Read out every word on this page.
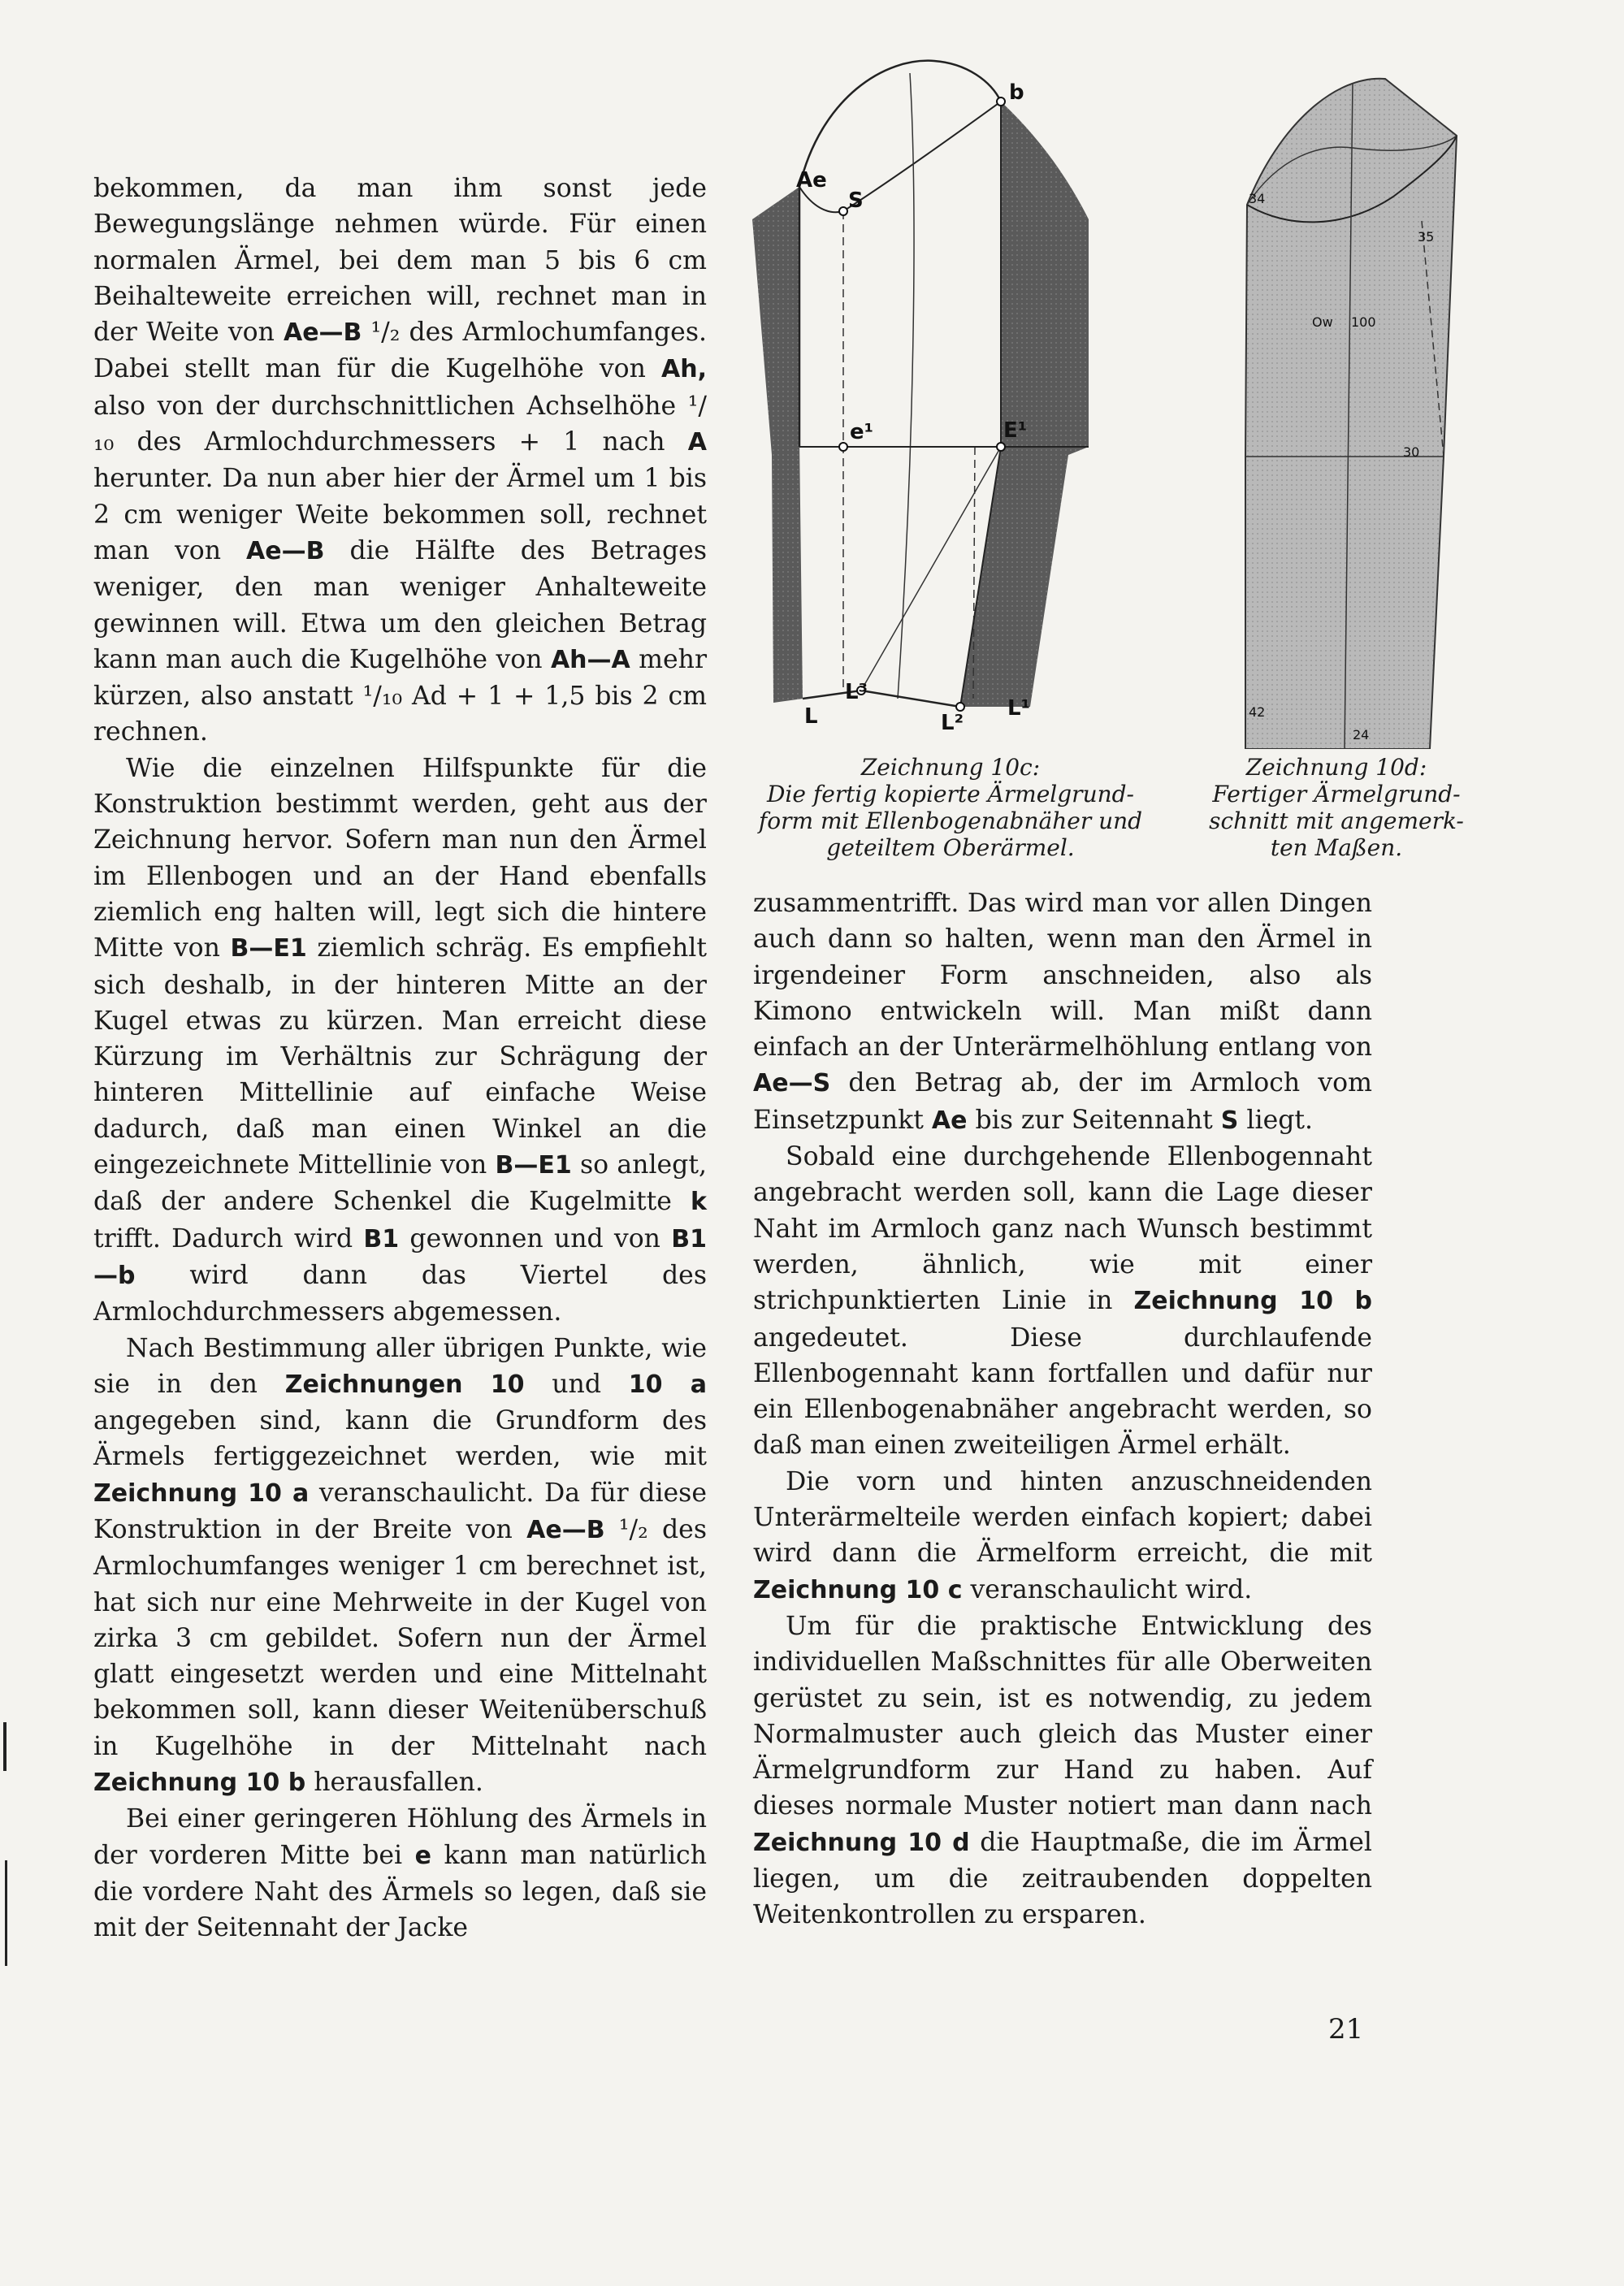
bekommen, da man ihm sonst jede Bewegungslänge nehmen würde. Für einen normalen Ärmel, bei dem man 5 bis 6 cm Beihalteweite erreichen will, rechnet man in der Weite von Ae—B ¹/₂ des Armlochumfanges. Dabei stellt man für die Kugelhöhe von Ah, also von der durchschnittlichen Achselhöhe ¹/₁₀ des Armlochdurchmessers + 1 nach A herunter. Da nun aber hier der Ärmel um 1 bis 2 cm weniger Weite bekommen soll, rechnet man von Ae—B die Hälfte des Betrages weniger, den man weniger Anhalteweite gewinnen will. Etwa um den gleichen Betrag kann man auch die Kugelhöhe von Ah—A mehr kürzen, also anstatt ¹/₁₀ Ad + 1 + 1,5 bis 2 cm rechnen.

Wie die einzelnen Hilfspunkte für die Konstruktion bestimmt werden, geht aus der Zeichnung hervor. Sofern man nun den Ärmel im Ellenbogen und an der Hand ebenfalls ziemlich eng halten will, legt sich die hintere Mitte von B—E1 ziemlich schräg. Es empfiehlt sich deshalb, in der hinteren Mitte an der Kugel etwas zu kürzen. Man erreicht diese Kürzung im Verhältnis zur Schrägung der hinteren Mittellinie auf einfache Weise dadurch, daß man einen Winkel an die eingezeichnete Mittellinie von B—E1 so anlegt, daß der andere Schenkel die Kugelmitte k trifft. Dadurch wird B1 gewonnen und von B1—b wird dann das Viertel des Armlochdurchmessers abgemessen.

Nach Bestimmung aller übrigen Punkte, wie sie in den Zeichnungen 10 und 10 a angegeben sind, kann die Grundform des Ärmels fertiggezeichnet werden, wie mit Zeichnung 10 a veranschaulicht. Da für diese Konstruktion in der Breite von Ae—B ¹/₂ des Armlochumfanges weniger 1 cm berechnet ist, hat sich nur eine Mehrweite in der Kugel von zirka 3 cm gebildet. Sofern nun der Ärmel glatt eingesetzt werden und eine Mittelnaht bekommen soll, kann dieser Weitenüberschuß in Kugelhöhe in der Mittelnaht nach Zeichnung 10 b herausfallen.

Bei einer geringeren Höhlung des Ärmels in der vorderen Mitte bei e kann man natürlich die vordere Naht des Ärmels so legen, daß sie mit der Seitennaht der Jacke

zusammentrifft. Das wird man vor allen Dingen auch dann so halten, wenn man den Ärmel in irgendeiner Form anschneiden, also als Kimono entwickeln will. Man mißt dann einfach an der Unterärmelhöhlung entlang von Ae—S den Betrag ab, der im Armloch vom Einsetzpunkt Ae bis zur Seitennaht S liegt.

Sobald eine durchgehende Ellenbogennaht angebracht werden soll, kann die Lage dieser Naht im Armloch ganz nach Wunsch bestimmt werden, ähnlich, wie mit einer strichpunktierten Linie in Zeichnung 10 b angedeutet. Diese durchlaufende Ellenbogennaht kann fortfallen und dafür nur ein Ellenbogenabnäher angebracht werden, so daß man einen zweiteiligen Ärmel erhält.

Die vorn und hinten anzuschneidenden Unterärmelteile werden einfach kopiert; dabei wird dann die Ärmelform erreicht, die mit Zeichnung 10 c veranschaulicht wird.

Um für die praktische Entwicklung des individuellen Maßschnittes für alle Oberweiten gerüstet zu sein, ist es notwendig, zu jedem Normalmuster auch gleich das Muster einer Ärmelgrundform zur Hand zu haben. Auf dieses normale Muster notiert man dann nach Zeichnung 10 d die Hauptmaße, die im Ärmel liegen, um die zeitraubenden doppelten Weitenkontrollen zu ersparen.

b
Ae
S
e¹	E¹
L
L³
L²
L¹
34
35
Ow 100
30
42
24
Zeichnung 10c:
Die fertig kopierte Ärmelgrund-
form mit Ellenbogenabnäher und
geteiltem Oberärmel.
Zeichnung 10d:
Fertiger Ärmelgrund-
schnitt mit angemerk-
ten Maßen.
21
